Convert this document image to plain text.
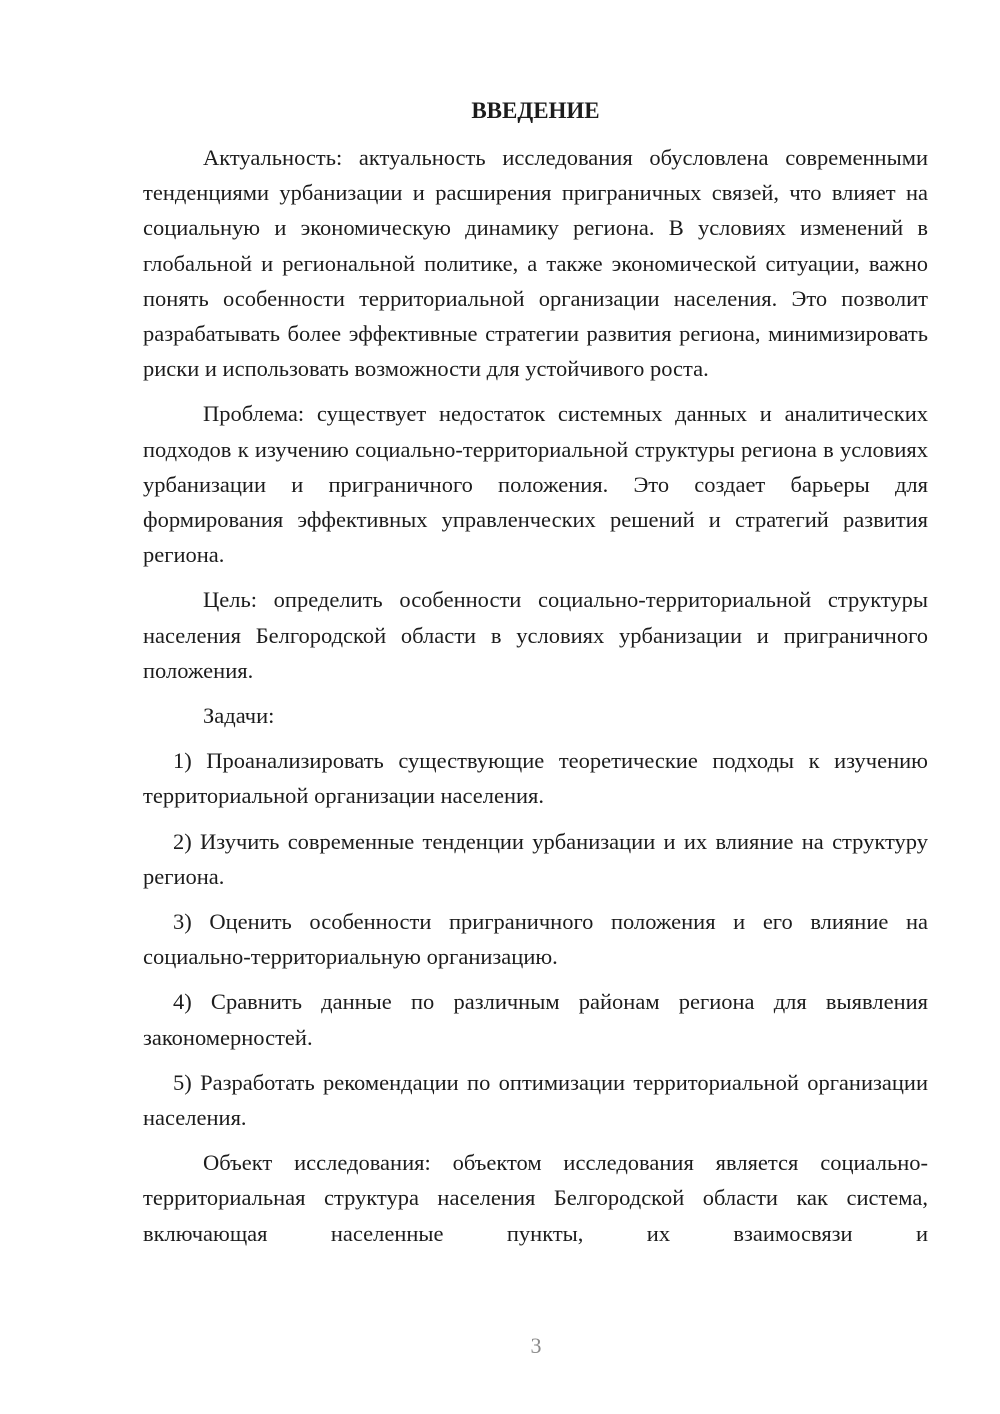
ВВЕДЕНИЕ

Актуальность: актуальность исследования обусловлена современными тенденциями урбанизации и расширения приграничных связей, что влияет на социальную и экономическую динамику региона. В условиях изменений в глобальной и региональной политике, а также экономической ситуации, важно понять особенности территориальной организации населения. Это позволит разрабатывать более эффективные стратегии развития региона, минимизировать риски и использовать возможности для устойчивого роста.

Проблема: существует недостаток системных данных и аналитических подходов к изучению социально-территориальной структуры региона в условиях урбанизации и приграничного положения. Это создает барьеры для формирования эффективных управленческих решений и стратегий развития региона.

Цель: определить особенности социально-территориальной структуры населения Белгородской области в условиях урбанизации и приграничного положения.

Задачи:

1) Проанализировать существующие теоретические подходы к изучению территориальной организации населения.

2) Изучить современные тенденции урбанизации и их влияние на структуру региона.

3) Оценить особенности приграничного положения и его влияние на социально-территориальную организацию.

4) Сравнить данные по различным районам региона для выявления закономерностей.

5) Разработать рекомендации по оптимизации территориальной организации населения.

Объект исследования: объектом исследования является социально-территориальная структура населения Белгородской области как система, включающая населенные пункты, их взаимосвязи и

3
